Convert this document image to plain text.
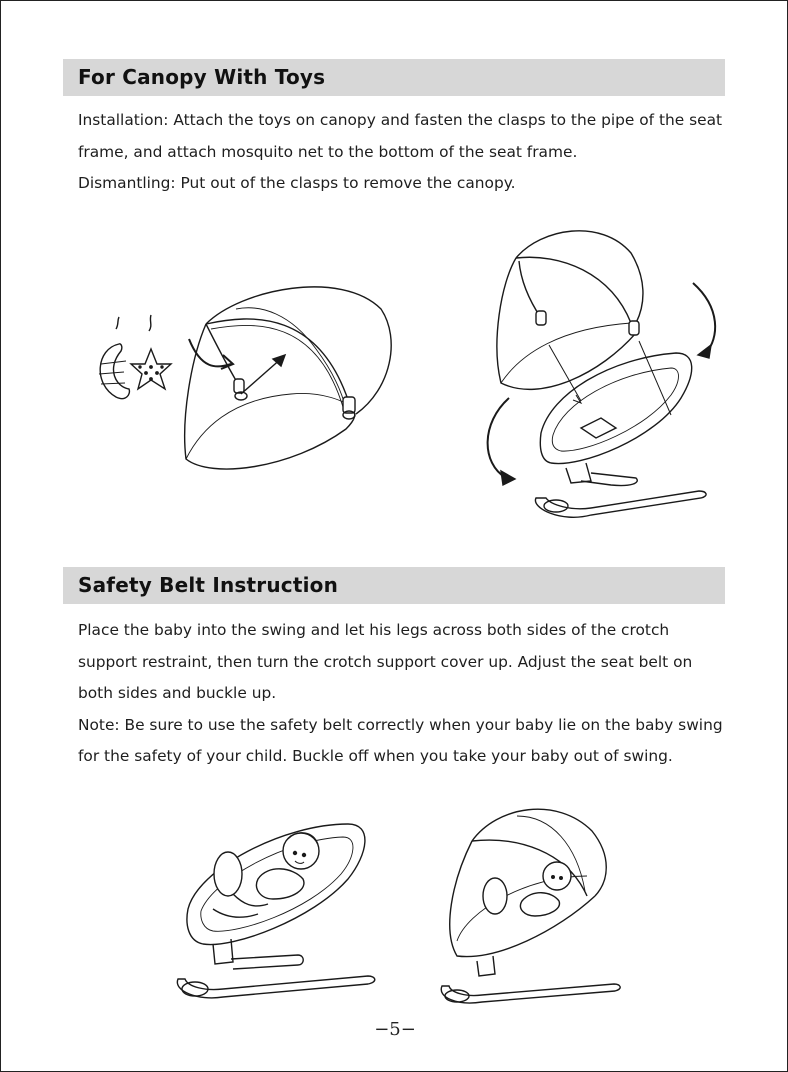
For Canopy With Toys

Installation: Attach the toys on canopy and fasten the clasps to the pipe of the seat frame, and attach mosquito net to the bottom of the seat frame.

Dismantling: Put out of the clasps to remove the canopy.

Safety Belt Instruction

Place the baby into the swing and let his legs across both sides of the crotch support restraint, then turn the crotch support cover up. Adjust the seat belt on both sides and buckle up.

Note: Be sure to use the safety belt correctly when your baby lie on the baby swing for the safety of your child. Buckle off when you take your baby out of swing.

−5−
